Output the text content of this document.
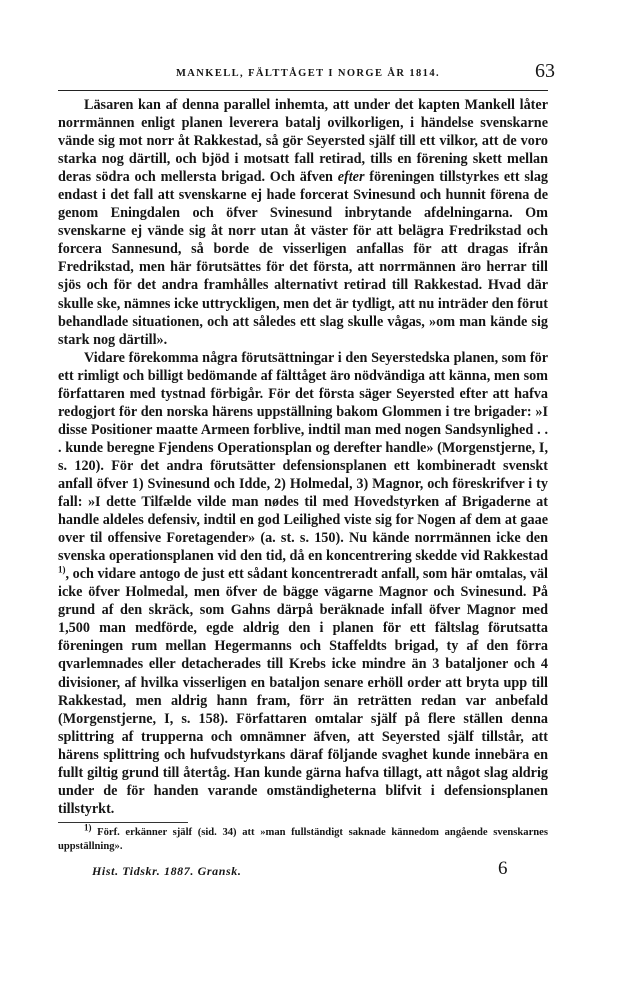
MANKELL, FÄLTTÅGET I NORGE ÅR 1814.	63

Läsaren kan af denna parallel inhemta, att under det kapten Mankell låter norrmännen enligt planen leverera batalj ovilkorligen, i händelse svenskarne vände sig mot norr åt Rakkestad, så gör Seyersted själf till ett vilkor, att de voro starka nog därtill, och bjöd i motsatt fall retirad, tills en förening skett mellan deras södra och mellersta brigad. Och äfven efter föreningen tillstyrkes ett slag endast i det fall att svenskarne ej hade forcerat Svinesund och hunnit förena de genom Eningdalen och öfver Svinesund inbrytande afdelningarna. Om svenskarne ej vände sig åt norr utan åt väster för att belägra Fredrikstad och forcera Sannesund, så borde de visserligen anfallas för att dragas ifrån Fredrikstad, men här förutsättes för det första, att norrmännen äro herrar till sjös och för det andra framhålles alternativt retirad till Rakkestad. Hvad där skulle ske, nämnes icke uttryckligen, men det är tydligt, att nu inträder den förut behandlade situationen, och att således ett slag skulle vågas, »om man kände sig stark nog därtill».

Vidare förekomma några förutsättningar i den Seyerstedska planen, som för ett rimligt och billigt bedömande af fälttåget äro nödvändiga att känna, men som författaren med tystnad förbigår. För det första säger Seyersted efter att hafva redogjort för den norska härens uppställning bakom Glommen i tre brigader: »I disse Positioner maatte Armeen forblive, indtil man med nogen Sandsynlighed . . . kunde beregne Fjendens Operationsplan og derefter handle» (Morgenstjerne, I, s. 120). För det andra förutsätter defensionsplanen ett kombineradt svenskt anfall öfver 1) Svinesund och Idde, 2) Holmedal, 3) Magnor, och föreskrifver i ty fall: »I dette Tilfælde vilde man nødes til med Hovedstyrken af Brigaderne at handle aldeles defensiv, indtil en god Leilighed viste sig for Nogen af dem at gaae over til offensive Foretagender» (a. st. s. 150). Nu kände norrmännen icke den svenska operationsplanen vid den tid, då en koncentrering skedde vid Rakkestad $^{1)}$, och vidare antogo de just ett sådant koncentreradt anfall, som här omtalas, väl icke öfver Holmedal, men öfver de bägge vägarne Magnor och Svinesund. På grund af den skräck, som Gahns därpå beräknade infall öfver Magnor med 1,500 man medförde, egde aldrig den i planen för ett fältslag förutsatta föreningen rum mellan Hegermanns och Staffeldts brigad, ty af den förra qvarlemnades eller detacherades till Krebs icke mindre än 3 bataljoner och 4 divisioner, af hvilka visserligen en bataljon senare erhöll order att bryta upp till Rakkestad, men aldrig hann fram, förr än reträtten redan var anbefald (Morgenstjerne, I, s. 158). Författaren omtalar själf på flere ställen denna splittring af trupperna och omnämner äfven, att Seyersted själf tillstår, att härens splittring och hufvudstyrkans däraf följande svaghet kunde innebära en fullt giltig grund till återtåg. Han kunde gärna hafva tillagt, att något slag aldrig under de för handen varande omständigheterna blifvit i defensionsplanen tillstyrkt.

$^{1)}$ Förf. erkänner själf (sid. 34) att »man fullständigt saknade kännedom angående svenskarnes uppställning».
Hist. Tidskr. 1887. Gransk.	6
